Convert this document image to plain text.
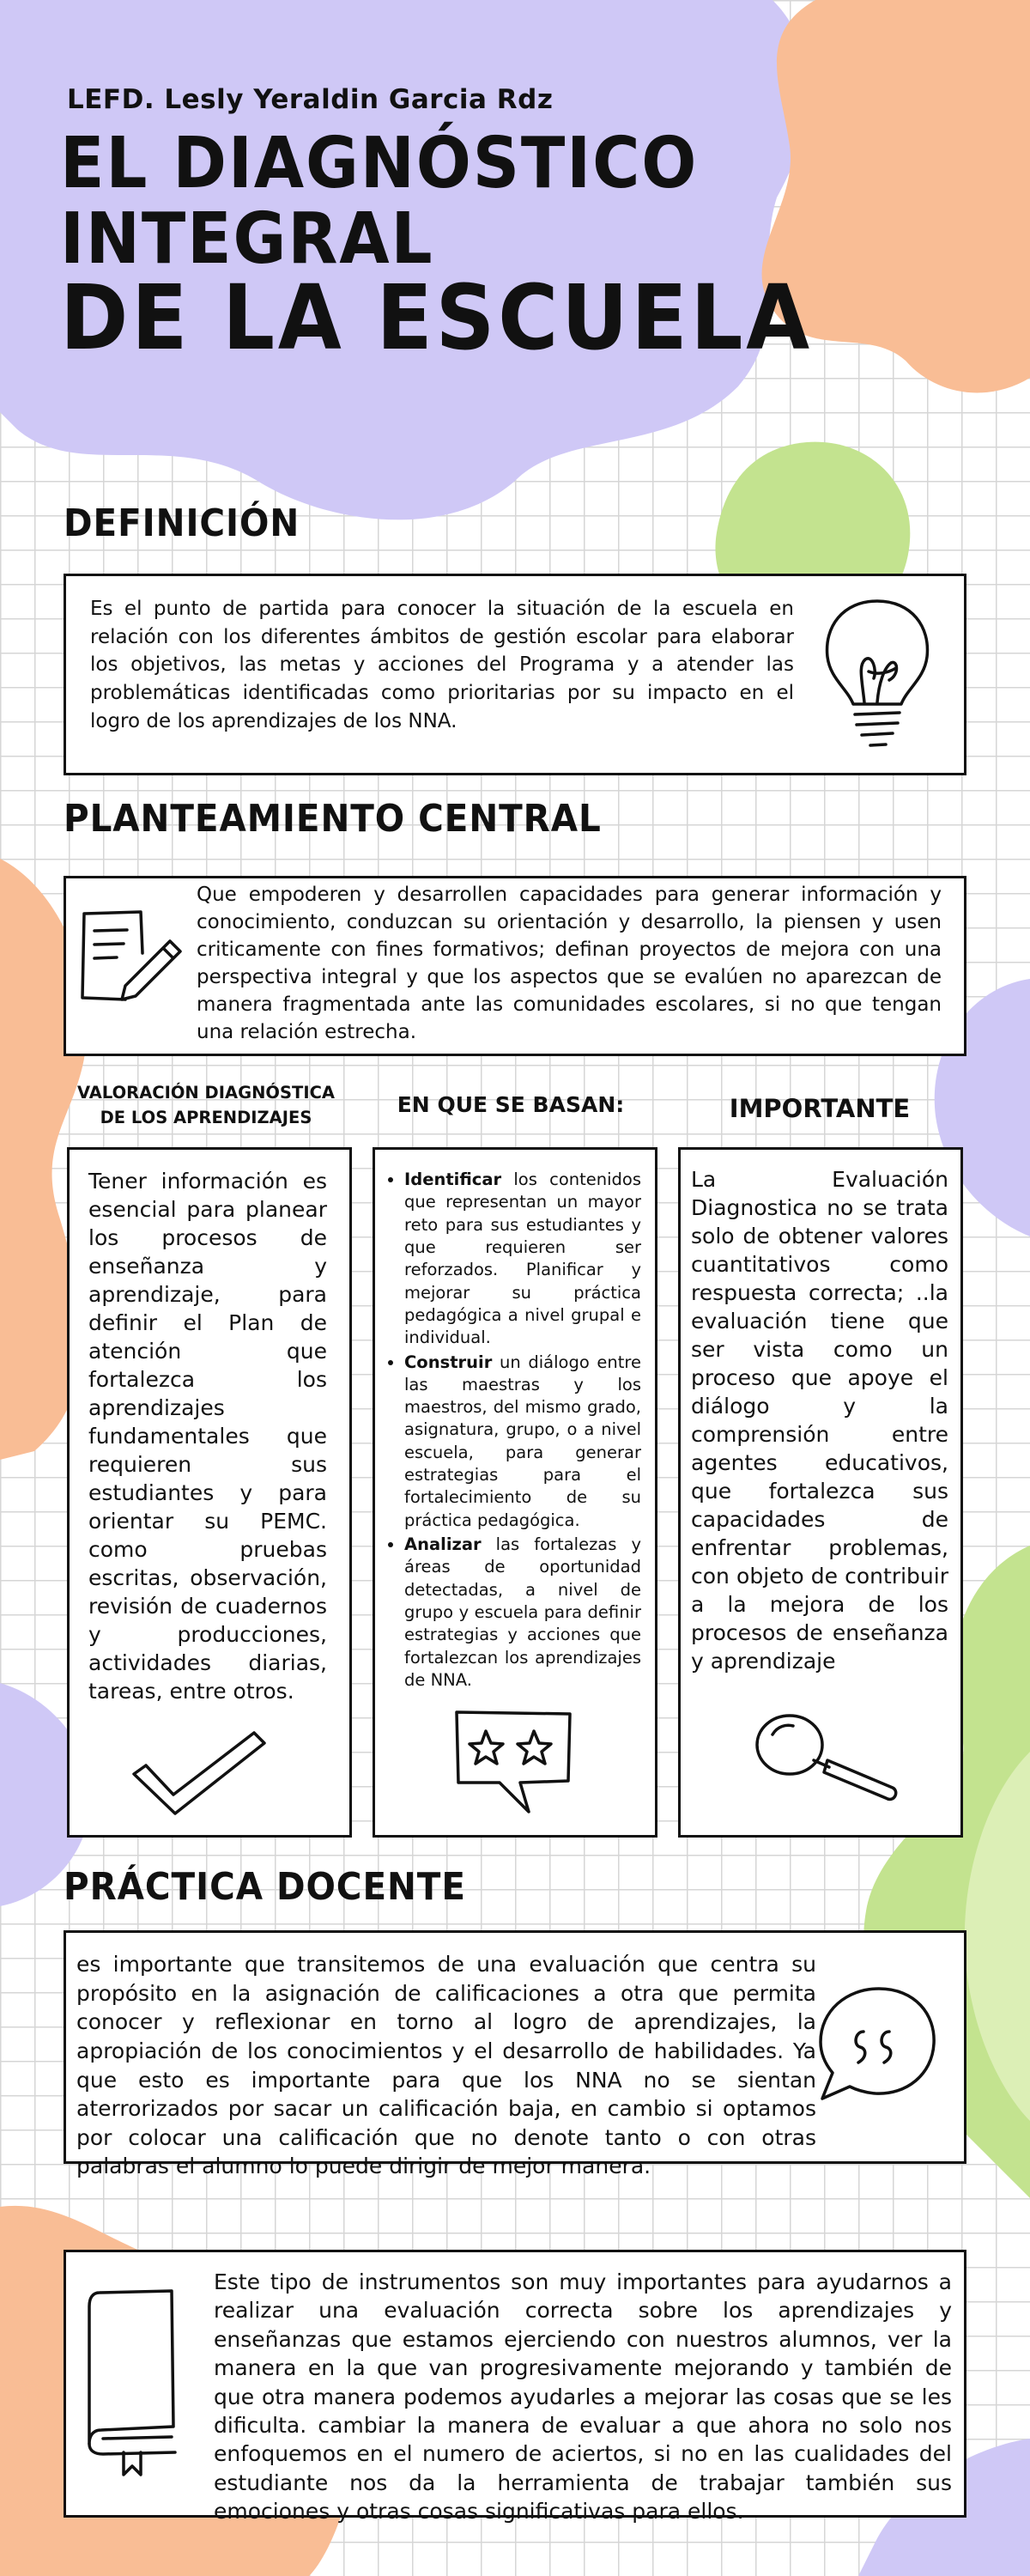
LEFD. Lesly Yeraldin Garcia Rdz
EL DIAGNÓSTICO
INTEGRAL
DE LA ESCUELA
DEFINICIÓN
Es el punto de partida para conocer la situación de la escuela en relación con los diferentes ámbitos de gestión escolar para elaborar los objetivos, las metas y acciones del Programa y a atender las problemáticas identificadas como prioritarias por su impacto en el logro de los aprendizajes de los NNA.
PLANTEAMIENTO CENTRAL
Que empoderen y desarrollen capacidades para generar información y conocimiento, conduzcan su orientación y desarrollo, la piensen y usen criticamente con fines formativos; definan proyectos de mejora con una perspectiva integral y que los aspectos que se evalúen no aparezcan de manera fragmentada ante las comunidades escolares, si no que tengan una relación estrecha.
VALORACIÓN DIAGNÓSTICA
DE LOS APRENDIZAJES
EN QUE SE BASAN:	IMPORTANTE
Tener información es esencial para planear los procesos de enseñanza y aprendizaje, para definir el Plan de atención que fortalezca los aprendizajes fundamentales que requieren sus estudiantes y para orientar su PEMC. como pruebas escritas, observación, revisión de cuadernos y producciones, actividades diarias, tareas, entre otros.
• Identificar los contenidos que representan un mayor reto para sus estudiantes y que requieren ser reforzados. Planificar y mejorar su práctica pedagógica a nivel grupal e individual.
• Construir un diálogo entre las maestras y los maestros, del mismo grado, asignatura, grupo, o a nivel escuela, para generar estrategias para el fortalecimiento de su práctica pedagógica.
• Analizar las fortalezas y áreas de oportunidad detectadas, a nivel de grupo y escuela para definir estrategias y acciones que fortalezcan los aprendizajes de NNA.
La Evaluación Diagnostica no se trata solo de obtener valores cuantitativos como respuesta correcta; ..la evaluación tiene que ser vista como un proceso que apoye el diálogo y la comprensión entre agentes educativos, que fortalezca sus capacidades de enfrentar problemas, con objeto de contribuir a la mejora de los procesos de enseñanza y aprendizaje
PRÁCTICA DOCENTE
es importante que transitemos de una evaluación que centra su propósito en la asignación de calificaciones a otra que permita conocer y reflexionar en torno al logro de aprendizajes, la apropiación de los conocimientos y el desarrollo de habilidades. Ya que esto es importante para que los NNA no se sientan aterrorizados por sacar un calificación baja, en cambio si optamos por colocar una calificación que no denote tanto o con otras palabras el alumno lo puede dirigir de mejor manera.
Este tipo de instrumentos son muy importantes para ayudarnos a realizar una evaluación correcta sobre los aprendizajes y enseñanzas que estamos ejerciendo con nuestros alumnos, ver la manera en la que van progresivamente mejorando y también de que otra manera podemos ayudarles a mejorar las cosas que se les dificulta. cambiar la manera de evaluar a que ahora no solo nos enfoquemos en el numero de aciertos, si no en las cualidades del estudiante nos da la herramienta de trabajar también sus emociones y otras cosas significativas para ellos.
